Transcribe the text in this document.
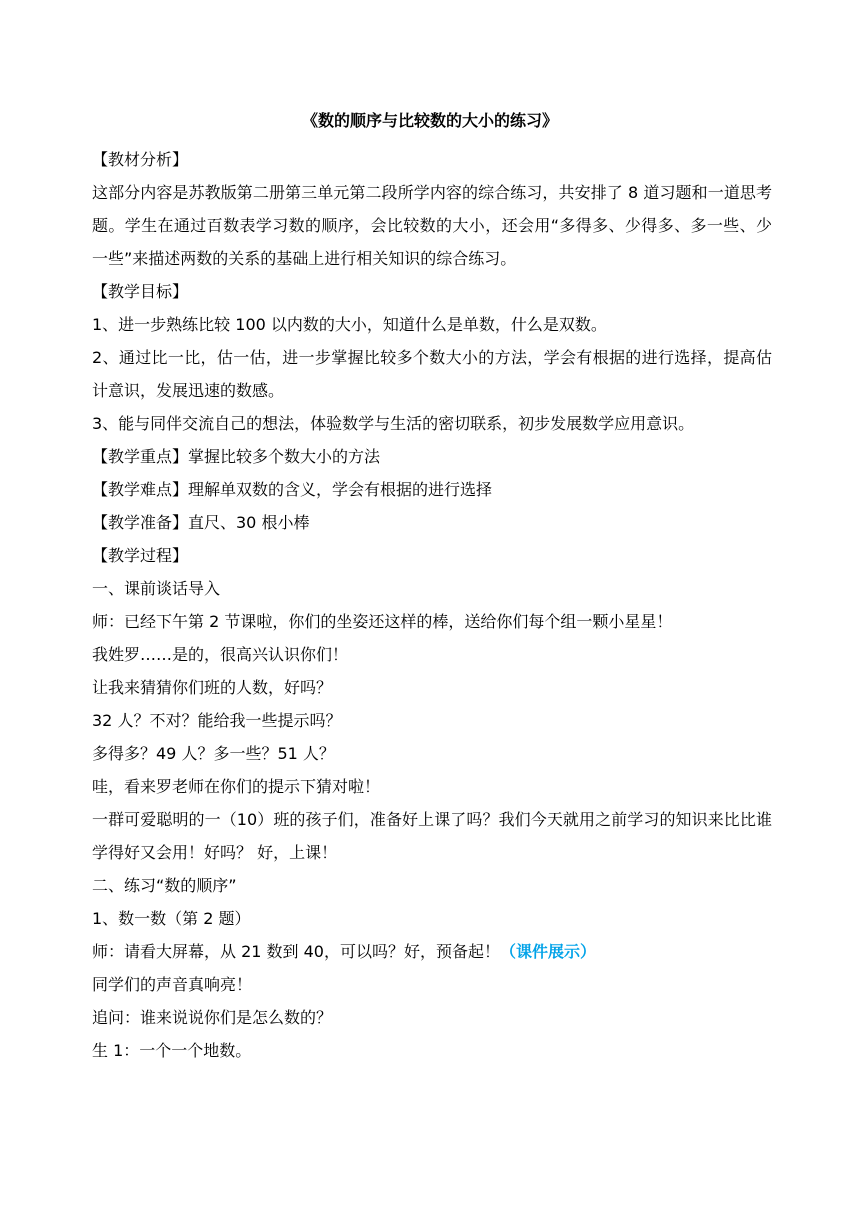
《数的顺序与比较数的大小的练习》

【教材分析】

这部分内容是苏教版第二册第三单元第二段所学内容的综合练习，共安排了 8 道习题和一道思考题。学生在通过百数表学习数的顺序，会比较数的大小，还会用“多得多、少得多、多一些、少一些”来描述两数的关系的基础上进行相关知识的综合练习。

【教学目标】

1、进一步熟练比较 100 以内数的大小，知道什么是单数，什么是双数。

2、通过比一比，估一估，进一步掌握比较多个数大小的方法，学会有根据的进行选择，提高估计意识，发展迅速的数感。

3、能与同伴交流自己的想法，体验数学与生活的密切联系，初步发展数学应用意识。

【教学重点】掌握比较多个数大小的方法

【教学难点】理解单双数的含义，学会有根据的进行选择

【教学准备】直尺、30 根小棒

【教学过程】

一、课前谈话导入

师：已经下午第 2 节课啦，你们的坐姿还这样的棒，送给你们每个组一颗小星星！

我姓罗……是的，很高兴认识你们！

让我来猜猜你们班的人数，好吗？

32 人？不对？能给我一些提示吗？

多得多？49 人？多一些？51 人？

哇，看来罗老师在你们的提示下猜对啦！

一群可爱聪明的一（10）班的孩子们，准备好上课了吗？我们今天就用之前学习的知识来比比谁学得好又会用！好吗？ 好，上课！

二、练习“数的顺序”

1、数一数（第 2 题）

师：请看大屏幕，从 21 数到 40，可以吗？好，预备起！（课件展示）

同学们的声音真响亮！

追问：谁来说说你们是怎么数的？

生 1：一个一个地数。
